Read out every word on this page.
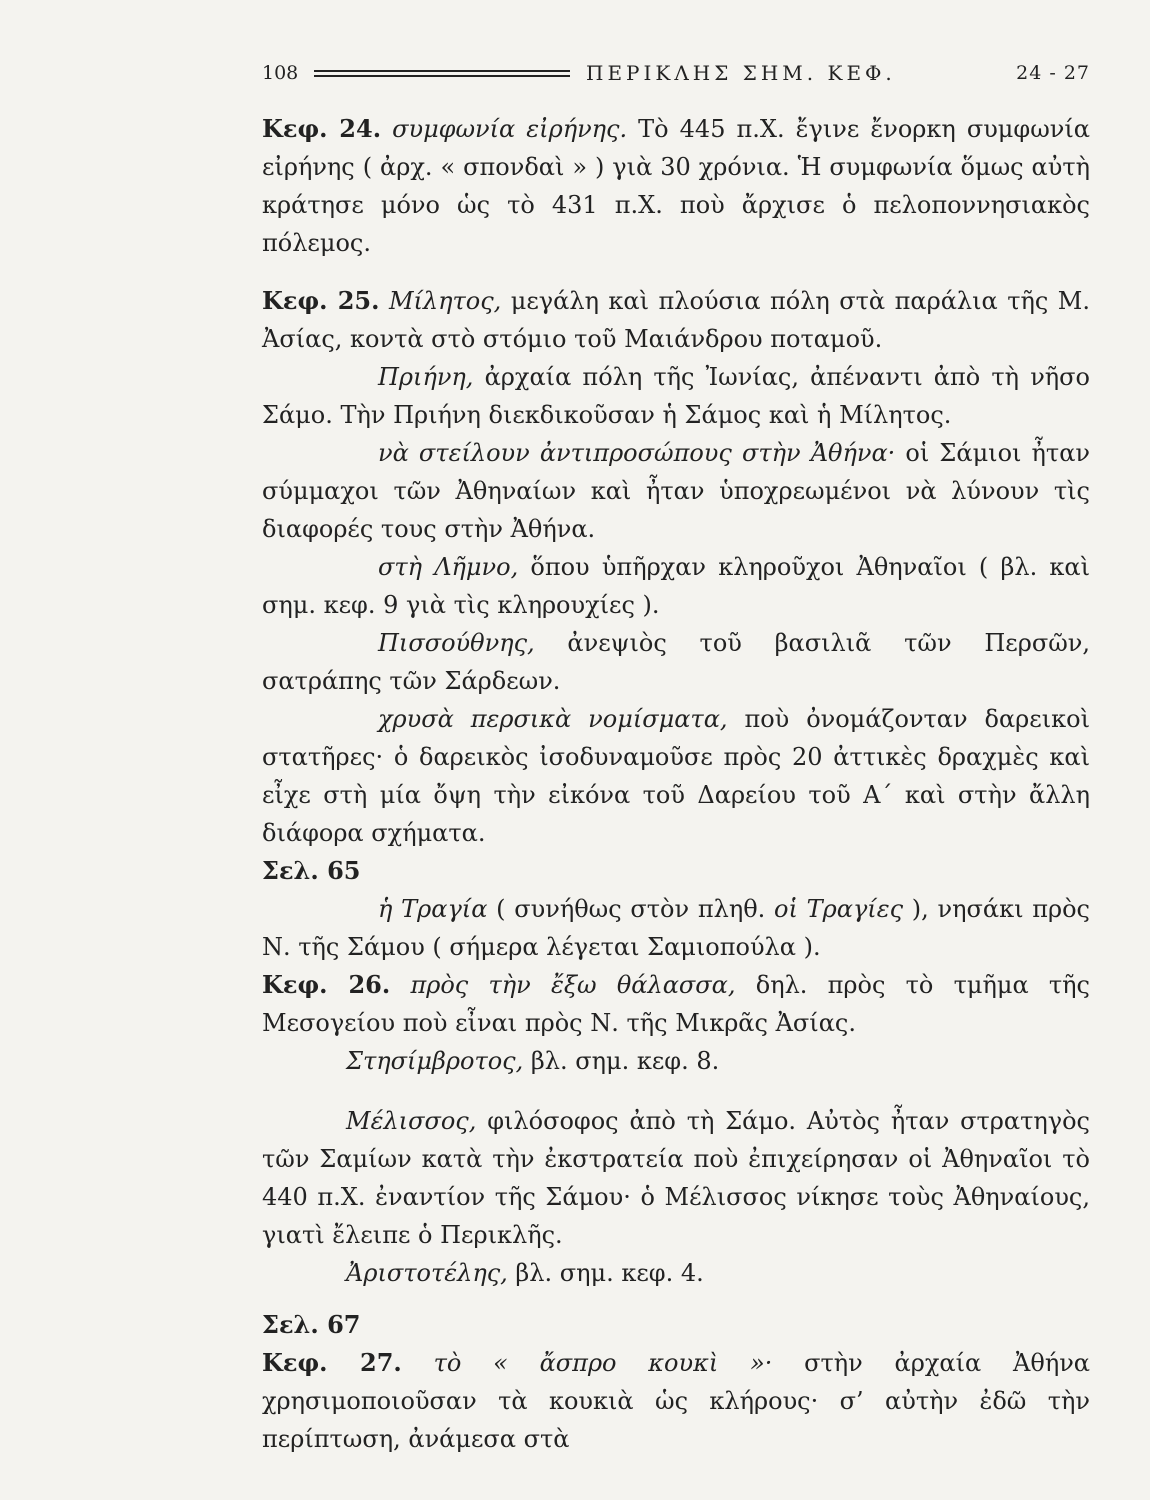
108	ΠΕΡΙΚΛΗΣ ΣΗΜ. ΚΕΦ.	24 - 27

Κεφ. 24. συμφωνία εἰρήνης. Τὸ 445 π.Χ. ἔγινε ἔνορκη συμφωνία εἰρήνης ( ἀρχ. « σπονδαὶ » ) γιὰ 30 χρόνια. Ἡ συμφωνία ὅμως αὐτὴ κράτησε μόνο ὡς τὸ 431 π.Χ. ποὺ ἄρχισε ὁ πελοποννησιακὸς πόλεμος.

Κεφ. 25. Μίλητος, μεγάλη καὶ πλούσια πόλη στὰ παράλια τῆς Μ. Ἀσίας, κοντὰ στὸ στόμιο τοῦ Μαιάνδρου ποταμοῦ.

Πριήνη, ἀρχαία πόλη τῆς Ἰωνίας, ἀπέναντι ἀπὸ τὴ νῆσο Σάμο. Τὴν Πριήνη διεκδικοῦσαν ἡ Σάμος καὶ ἡ Μίλητος.

νὰ στείλουν ἀντιπροσώπους στὴν Ἀθήνα· οἱ Σάμιοι ἦταν σύμμαχοι τῶν Ἀθηναίων καὶ ἦταν ὑποχρεωμένοι νὰ λύνουν τὶς διαφορές τους στὴν Ἀθήνα.

στὴ Λῆμνο, ὅπου ὑπῆρχαν κληροῦχοι Ἀθηναῖοι ( βλ. καὶ σημ. κεφ. 9 γιὰ τὶς κληρουχίες ).

Πισσούθνης, ἀνεψιὸς τοῦ βασιλιᾶ τῶν Περσῶν, σατράπης τῶν Σάρδεων.

χρυσὰ περσικὰ νομίσματα, ποὺ ὀνομάζονταν δαρεικοὶ στατῆρες· ὁ δαρεικὸς ἰσοδυναμοῦσε πρὸς 20 ἀττικὲς δραχμὲς καὶ εἶχε στὴ μία ὄψη τὴν εἰκόνα τοῦ Δαρείου τοῦ Α΄ καὶ στὴν ἄλλη διάφορα σχήματα.

Σελ. 65

ἡ Τραγία ( συνήθως στὸν πληθ. οἱ Τραγίες ), νησάκι πρὸς Ν. τῆς Σάμου ( σήμερα λέγεται Σαμιοπούλα ).

Κεφ. 26. πρὸς τὴν ἔξω θάλασσα, δηλ. πρὸς τὸ τμῆμα τῆς Μεσογείου ποὺ εἶναι πρὸς Ν. τῆς Μικρᾶς Ἀσίας.

Στησίμβροτος, βλ. σημ. κεφ. 8.

Μέλισσος, φιλόσοφος ἀπὸ τὴ Σάμο. Αὐτὸς ἦταν στρατηγὸς τῶν Σαμίων κατὰ τὴν ἐκστρατεία ποὺ ἐπιχείρησαν οἱ Ἀθηναῖοι τὸ 440 π.Χ. ἐναντίον τῆς Σάμου· ὁ Μέλισσος νίκησε τοὺς Ἀθηναίους, γιατὶ ἔλειπε ὁ Περικλῆς.

Ἀριστοτέλης, βλ. σημ. κεφ. 4.

Σελ. 67

Κεφ. 27. τὸ « ἄσπρο κουκὶ »· στὴν ἀρχαία Ἀθήνα χρησιμοποιοῦσαν τὰ κουκιὰ ὡς κλήρους· σ’ αὐτὴν ἐδῶ τὴν περίπτωση, ἀνάμεσα στὰ
